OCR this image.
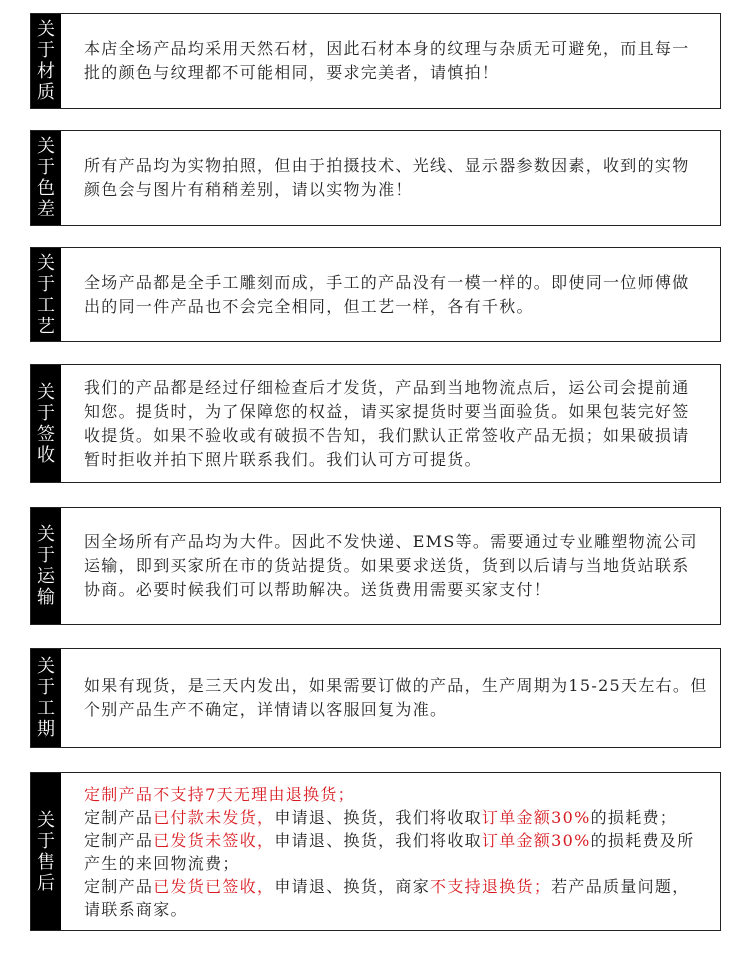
关
于
材
质
本店全场产品均采用天然石材，因此石材本身的纹理与杂质无可避免，而且每一
批的颜色与纹理都不可能相同，要求完美者，请慎拍！
关
于
色
差
所有产品均为实物拍照，但由于拍摄技术、光线、显示器参数因素，收到的实物
颜色会与图片有稍稍差别，请以实物为准！
关
于
工
艺
全场产品都是全手工雕刻而成，手工的产品没有一模一样的。即使同一位师傅做
出的同一件产品也不会完全相同，但工艺一样，各有千秋。
关
于
签
收
我们的产品都是经过仔细检查后才发货，产品到当地物流点后，运公司会提前通
知您。提货时，为了保障您的权益，请买家提货时要当面验货。如果包装完好签
收提货。如果不验收或有破损不告知，我们默认正常签收产品无损；如果破损请
暂时拒收并拍下照片联系我们。我们认可方可提货。
关
于
运
输
因全场所有产品均为大件。因此不发快递、EMS等。需要通过专业雕塑物流公司
运输，即到买家所在市的货站提货。如果要求送货，货到以后请与当地货站联系
协商。必要时候我们可以帮助解决。送货费用需要买家支付！
关
于
工
期
如果有现货，是三天内发出，如果需要订做的产品，生产周期为15-25天左右。但
个别产品生产不确定，详情请以客服回复为准。
关
于
售
后
定制产品不支持7天无理由退换货；
定制产品已付款未发货，申请退、换货，我们将收取订单金额30%的损耗费；
定制产品已发货未签收，申请退、换货，我们将收取订单金额30%的损耗费及所
产生的来回物流费；
定制产品已发货已签收，申请退、换货，商家不支持退换货；若产品质量问题，
请联系商家。
